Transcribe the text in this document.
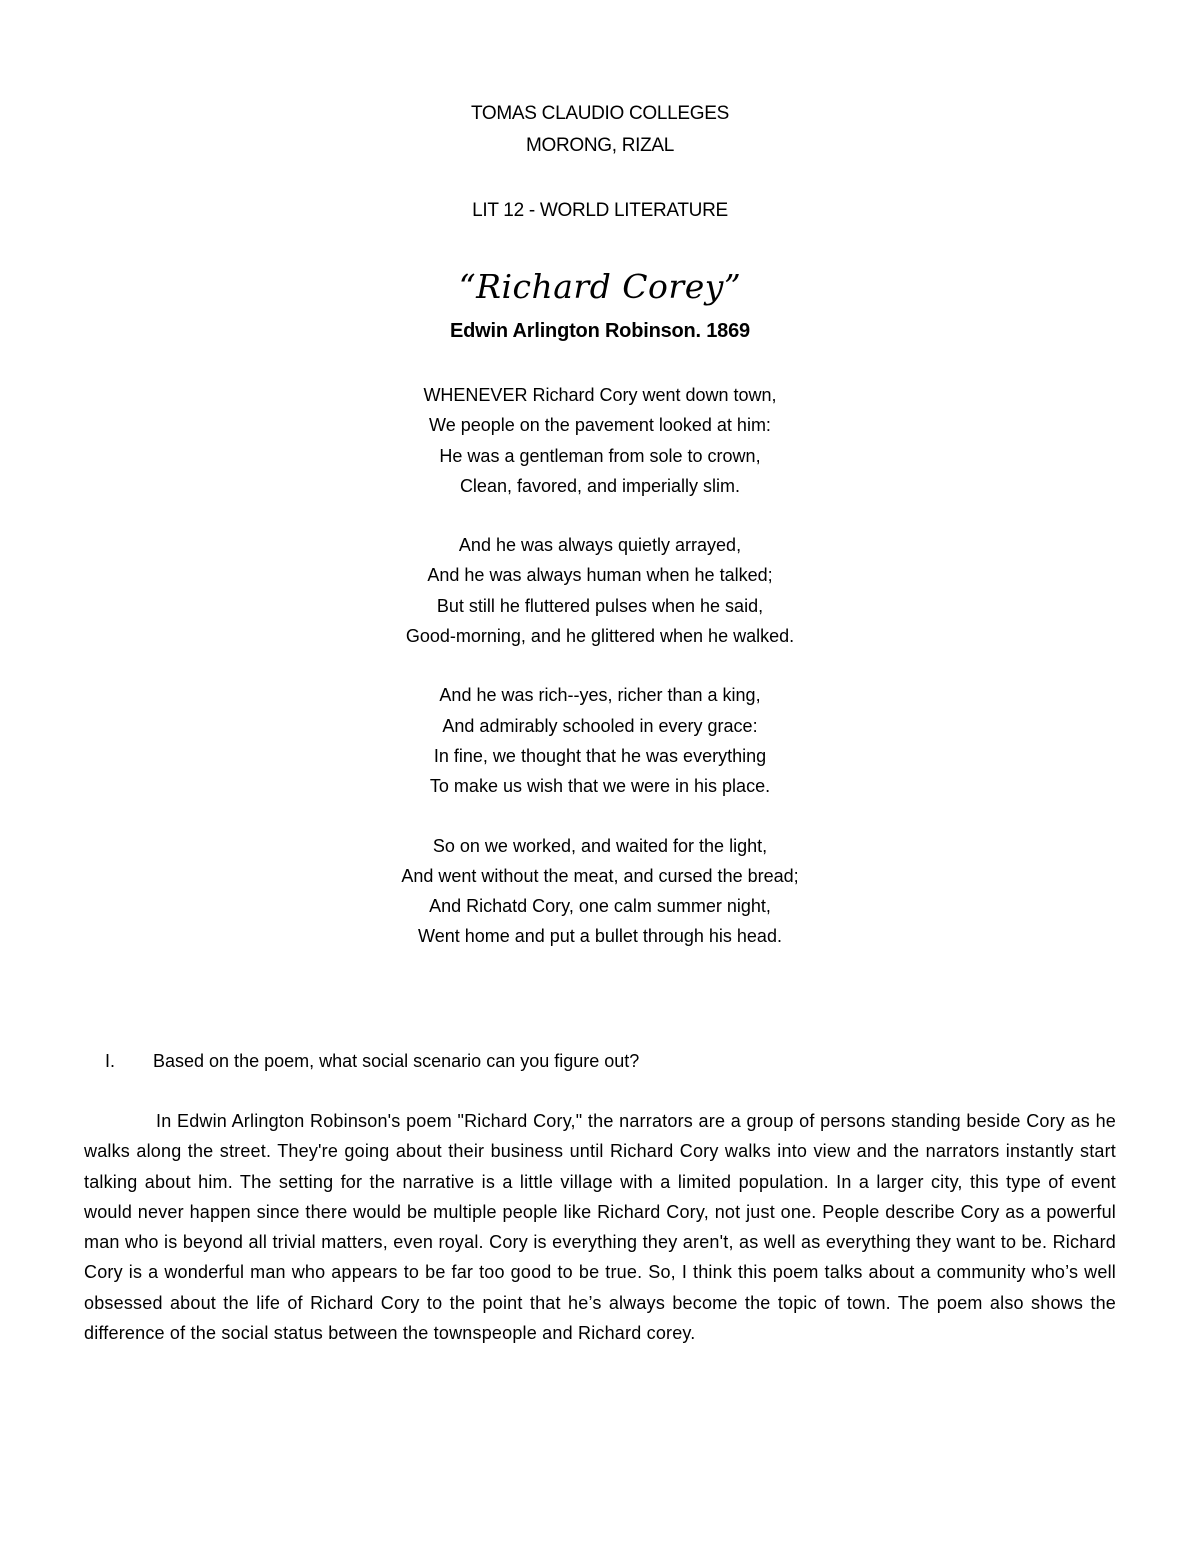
TOMAS CLAUDIO COLLEGES
MORONG, RIZAL
LIT 12 - WORLD LITERATURE
“Richard Corey”
Edwin Arlington Robinson. 1869
WHENEVER Richard Cory went down town,
We people on the pavement looked at him:
He was a gentleman from sole to crown,
Clean, favored, and imperially slim.
And he was always quietly arrayed,
And he was always human when he talked;
But still he fluttered pulses when he said,
Good-morning, and he glittered when he walked.
And he was rich--yes, richer than a king,
And admirably schooled in every grace:
In fine, we thought that he was everything
To make us wish that we were in his place.
So on we worked, and waited for the light,
And went without the meat, and cursed the bread;
And Richatd Cory, one calm summer night,
Went home and put a bullet through his head.
I. Based on the poem, what social scenario can you figure out?
In Edwin Arlington Robinson's poem "Richard Cory," the narrators are a group of persons standing beside Cory as he walks along the street. They're going about their business until Richard Cory walks into view and the narrators instantly start talking about him. The setting for the narrative is a little village with a limited population. In a larger city, this type of event would never happen since there would be multiple people like Richard Cory, not just one. People describe Cory as a powerful man who is beyond all trivial matters, even royal. Cory is everything they aren't, as well as everything they want to be. Richard Cory is a wonderful man who appears to be far too good to be true. So, I think this poem talks about a community who’s well obsessed about the life of Richard Cory to the point that he’s always become the topic of town. The poem also shows the difference of the social status between the townspeople and Richard corey.
